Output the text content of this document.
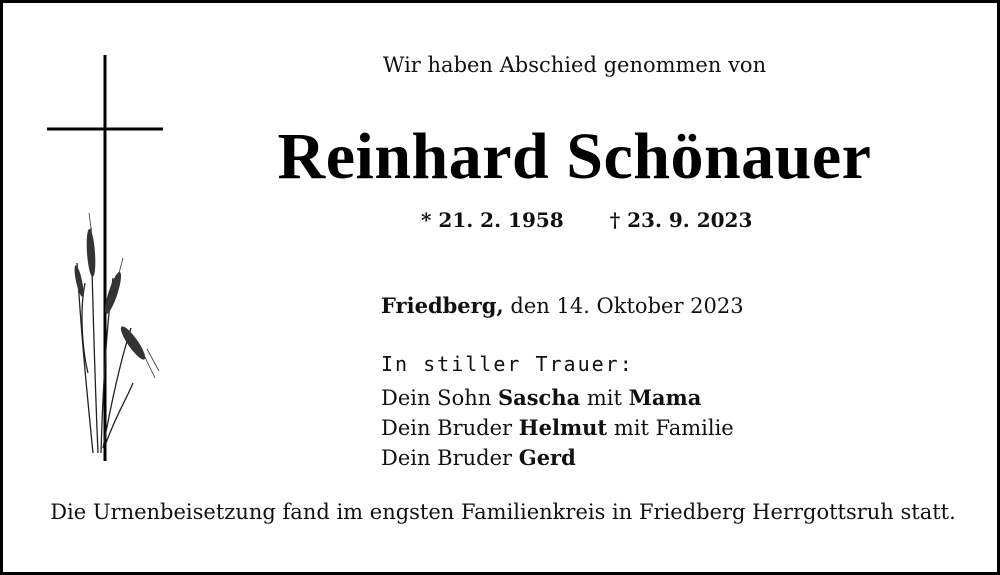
Wir haben Abschied genommen von
Reinhard Schönauer
* 21. 2. 1958 † 23. 9. 2023
Friedberg, den 14. Oktober 2023
In stiller Trauer:
Dein Sohn Sascha mit Mama
Dein Bruder Helmut mit Familie
Dein Bruder Gerd
Die Urnenbeisetzung fand im engsten Familienkreis in Friedberg Herrgottsruh statt.
